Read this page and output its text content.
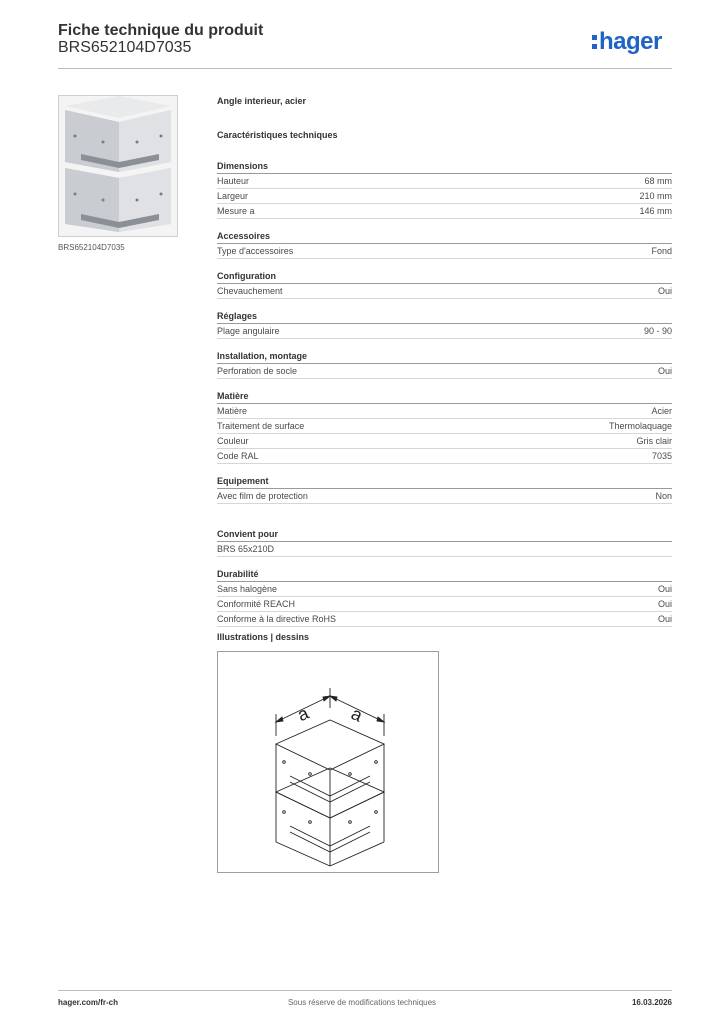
Fiche technique du produit
BRS652104D7035	hager
BRS652104D7035
Angle interieur, acier
Caractéristiques techniques
Dimensions
Hauteur	68 mm
Largeur	210 mm
Mesure a	146 mm
Accessoires
Type d'accessoires	Fond
Configuration
Chevauchement	Oui
Réglages
Plage angulaire	90 - 90
Installation, montage
Perforation de socle	Oui
Matière
Matière	Acier
Traitement de surface	Thermolaquage
Couleur	Gris clair
Code RAL	7035
Equipement
Avec film de protection	Non
Convient pour
BRS 65x210D
Durabilité
Sans halogène	Oui
Conformité REACH	Oui
Conforme à la directive RoHS	Oui
Illustrations | dessins
a a
hager.com/fr-ch	Sous réserve de modifications techniques	16.03.2026
